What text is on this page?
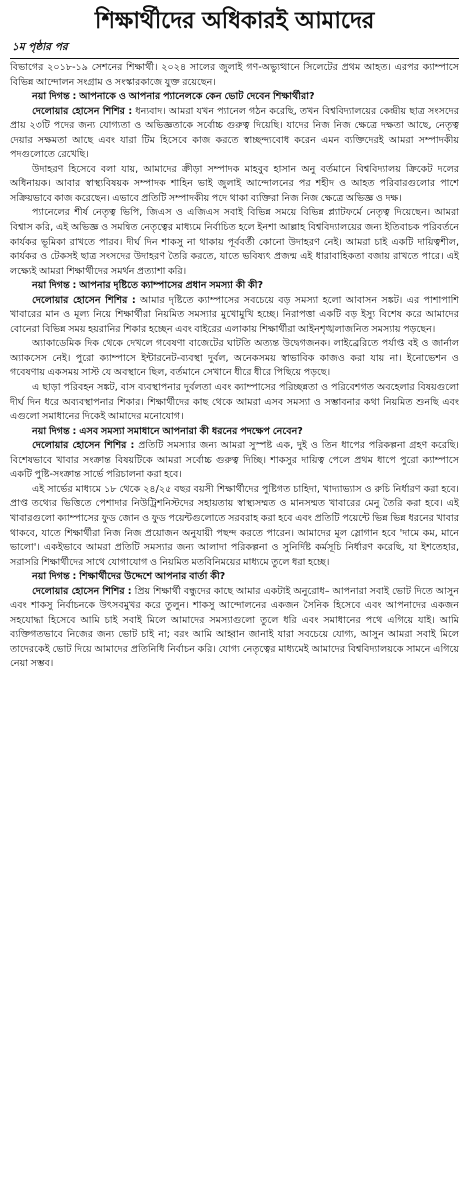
শিক্ষার্থীদের অধিকারই আমাদের
১ম পৃষ্ঠার পর

বিভাগের ২০১৮-১৯ সেশনের শিক্ষার্থী। ২০২৪ সালের জুলাই গণ-অভ্যুত্থানে সিলেটের প্রথম আহত। এরপর ক্যাম্পাসে বিভিন্ন আন্দোলন সংগ্রাম ও সংস্কারকাজে যুক্ত রয়েছেন।

নয়া দিগন্ত : আপনাকে ও আপনার প্যানেলকে কেন ভোট দেবেন শিক্ষার্থীরা?

দেলোয়ার হোসেন শিশির : ধন্যবাদ। আমরা যখন প্যানেল গঠন করেছি, তখন বিশ্ববিদ্যালয়ের কেন্দ্রীয় ছাত্র সংসদের প্রায় ২৩টি পদের জন্য যোগ্যতা ও অভিজ্ঞতাকে সর্বোচ্চ গুরুত্ব দিয়েছি। যাদের নিজ নিজ ক্ষেত্রে দক্ষতা আছে, নেতৃত্ব দেয়ার সক্ষমতা আছে এবং যারা টিম হিসেবে কাজ করতে স্বাচ্ছন্দ্যবোধ করেন এমন ব্যক্তিদেরই আমরা সম্পাদকীয় পদগুলোতে রেখেছি।

উদাহরণ হিসেবে বলা যায়, আমাদের ক্রীড়া সম্পাদক মাহবুব হাসান অনু বর্তমানে বিশ্ববিদ্যালয় ক্রিকেট দলের অধিনায়ক। আবার স্বাস্থ্যবিষয়ক সম্পাদক শাহিন ভাই জুলাই আন্দোলনের পর শহীদ ও আহত পরিবারগুলোর পাশে সক্রিয়ভাবে কাজ করেছেন। এভাবে প্রতিটি সম্পাদকীয় পদে থাকা ব্যক্তিরা নিজ নিজ ক্ষেত্রে অভিজ্ঞ ও দক্ষ।

প্যানেলের শীর্ষ নেতৃত্ব ভিপি, জিএস ও এজিএস সবাই বিভিন্ন সময়ে বিভিন্ন প্ল্যাটফর্মে নেতৃত্ব দিয়েছেন। আমরা বিশ্বাস করি, এই অভিজ্ঞ ও সমন্বিত নেতৃত্বের মাধ্যমে নির্বাচিত হলে ইনশা আল্লাহ বিশ্ববিদ্যালয়ের জন্য ইতিবাচক পরিবর্তনে কার্যকর ভূমিকা রাখতে পারব। দীর্ঘ দিন শাকসু না থাকায় পূর্ববর্তী কোনো উদাহরণ নেই। আমরা চাই একটি দায়িত্বশীল, কার্যকর ও টেকসই ছাত্র সংসদের উদাহরণ তৈরি করতে, যাতে ভবিষ্যৎ প্রজন্ম এই ধারাবাহিকতা বজায় রাখতে পারে। এই লক্ষ্যেই আমরা শিক্ষার্থীদের সমর্থন প্রত্যাশা করি।

নয়া দিগন্ত : আপনার দৃষ্টিতে ক্যাম্পাসের প্রধান সমস্যা কী কী?

দেলোয়ার হোসেন শিশির : আমার দৃষ্টিতে ক্যাম্পাসের সবচেয়ে বড় সমস্যা হলো আবাসন সঙ্কট। এর পাশাপাশি খাবারের মান ও মূল্য নিয়ে শিক্ষার্থীরা নিয়মিত সমস্যার মুখোমুখি হচ্ছে। নিরাপত্তা একটি বড় ইস্যু বিশেষ করে আমাদের বোনেরা বিভিন্ন সময় হয়রানির শিকার হচ্ছেন এবং বাইরের এলাকায় শিক্ষার্থীরা আইনশৃঙ্খলাজনিত সমস্যায় পড়ছেন।

অ্যাকাডেমিক দিক থেকে দেখলে গবেষণা বাজেটের ঘাটতি অত্যন্ত উদ্বেগজনক। লাইব্রেরিতে পর্যাপ্ত বই ও জার্নাল অ্যাকসেস নেই। পুরো ক্যাম্পাসে ইন্টারনেট-ব্যবস্থা দুর্বল, অনেকসময় স্বাভাবিক কাজও করা যায় না। ইনোভেশন ও গবেষণায় একসময় সাস্ট যে অবস্থানে ছিল, বর্তমানে সেখানে ধীরে ধীরে পিছিয়ে পড়ছে।

এ ছাড়া পরিবহন সঙ্কট, বাস ব্যবস্থাপনার দুর্বলতা এবং ক্যাম্পাসের পরিচ্ছন্নতা ও পরিবেশগত অবহেলার বিষয়গুলো দীর্ঘ দিন ধরে অব্যবস্থাপনার শিকার। শিক্ষার্থীদের কাছ থেকে আমরা এসব সমস্যা ও সম্ভাবনার কথা নিয়মিত শুনছি এবং এগুলো সমাধানের দিকেই আমাদের মনোযোগ।

নয়া দিগন্ত : এসব সমস্যা সমাধানে আপনারা কী ধরনের পদক্ষেপ নেবেন?

দেলোয়ার হোসেন শিশির : প্রতিটি সমস্যার জন্য আমরা সুস্পষ্ট এক, দুই ও তিন ধাপের পরিকল্পনা গ্রহণ করেছি। বিশেষভাবে খাবার সংক্রান্ত বিষয়টিকে আমরা সর্বোচ্চ গুরুত্ব দিচ্ছি। শাকসুর দায়িত্ব পেলে প্রথম ধাপে পুরো ক্যাম্পাসে একটি পুষ্টি-সংক্রান্ত সার্ভে পরিচালনা করা হবে।

এই সার্ভের মাধ্যমে ১৮ থেকে ২৪/২৫ বছর বয়সী শিক্ষার্থীদের পুষ্টিগত চাহিদা, খাদ্যাভ্যাস ও রুচি নির্ধারণ করা হবে। প্রাপ্ত তথ্যের ভিত্তিতে পেশাদার নিউট্রিশনিস্টদের সহায়তায় স্বাস্থ্যসম্মত ও মানসম্মত খাবারের মেনু তৈরি করা হবে। এই খাবারগুলো ক্যাম্পাসের ফুড জোন ও ফুড পয়েন্টগুলোতে সরবরাহ করা হবে এবং প্রতিটি পয়েন্টে ভিন্ন ভিন্ন ধরনের খাবার থাকবে, যাতে শিক্ষার্থীরা নিজ নিজ প্রয়োজন অনুযায়ী পছন্দ করতে পারেন। আমাদের মূল স্লোগান হবে 'দামে কম, মানে ভালো'। একইভাবে আমরা প্রতিটি সমস্যার জন্য আলাদা পরিকল্পনা ও সুনির্দিষ্ট কর্মসূচি নির্ধারণ করেছি, যা ইশতেহার, সরাসরি শিক্ষার্থীদের সাথে যোগাযোগ ও নিয়মিত মতবিনিময়ের মাধ্যমে তুলে ধরা হচ্ছে।

নয়া দিগন্ত : শিক্ষার্থীদের উদ্দেশে আপনার বার্তা কী?

দেলোয়ার হোসেন শিশির : প্রিয় শিক্ষার্থী বন্ধুদের কাছে আমার একটাই অনুরোধ– আপনারা সবাই ভোট দিতে আসুন এবং শাকসু নির্বাচনকে উৎসবমুখর করে তুলুন। শাকসু আন্দোলনের একজন সৈনিক হিসেবে এবং আপনাদের একজন সহযোদ্ধা হিসেবে আমি চাই সবাই মিলে আমাদের সমস্যাগুলো তুলে ধরি এবং সমাধানের পথে এগিয়ে যাই। আমি ব্যক্তিগতভাবে নিজের জন্য ভোট চাই না; বরং আমি আহ্বান জানাই যারা সবচেয়ে যোগ্য, আসুন আমরা সবাই মিলে তাদেরকেই ভোট দিয়ে আমাদের প্রতিনিধি নির্বাচন করি। যোগ্য নেতৃত্বের মাধ্যমেই আমাদের বিশ্ববিদ্যালয়কে সামনে এগিয়ে নেয়া সম্ভব।
